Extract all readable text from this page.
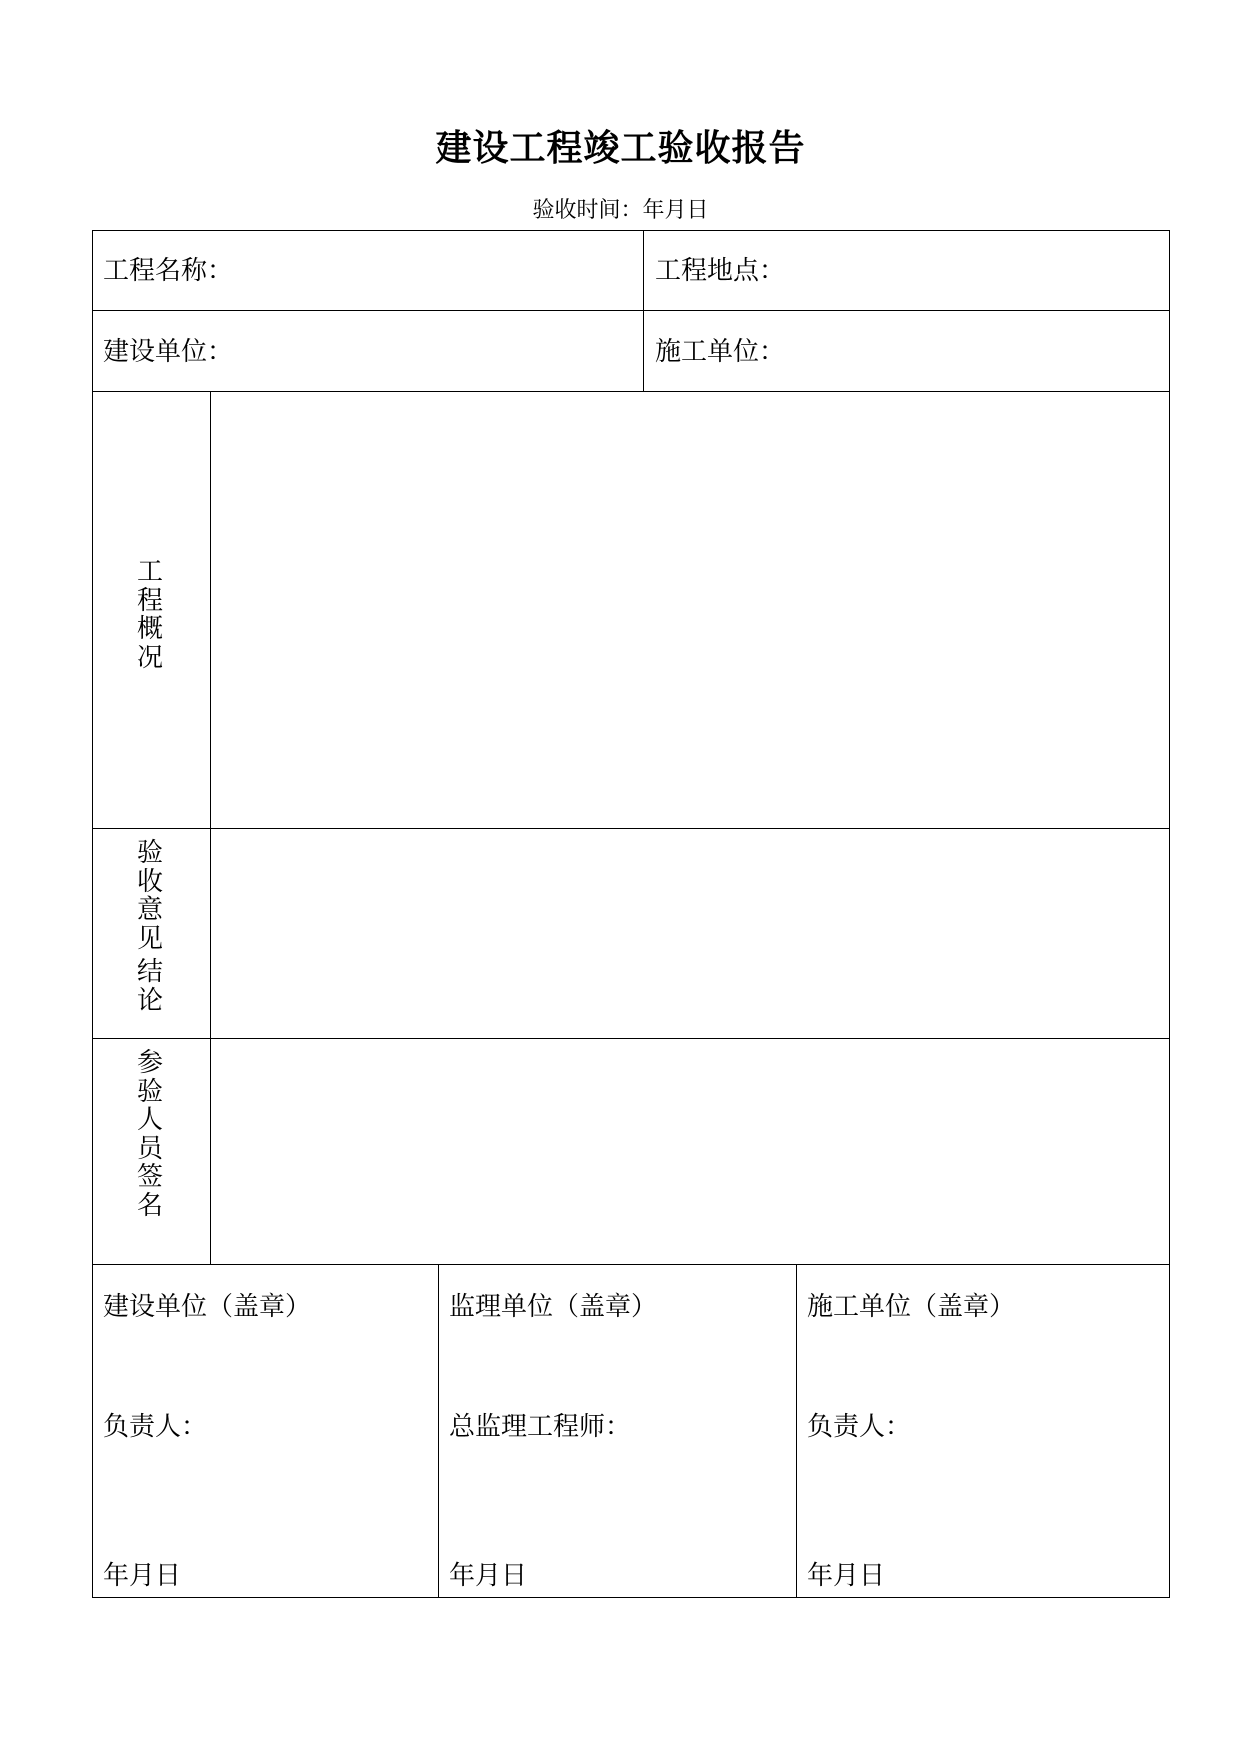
建设工程竣工验收报告
验收时间：年月日
工程名称：	工程地点：
建设单位：	施工单位：
工
程
概
况
验
收
意
见
结
论
参
验
人
员
签
名
建设单位（盖章）
负责人：
年月日
监理单位（盖章）
总监理工程师：
年月日
施工单位（盖章）
负责人：
年月日
